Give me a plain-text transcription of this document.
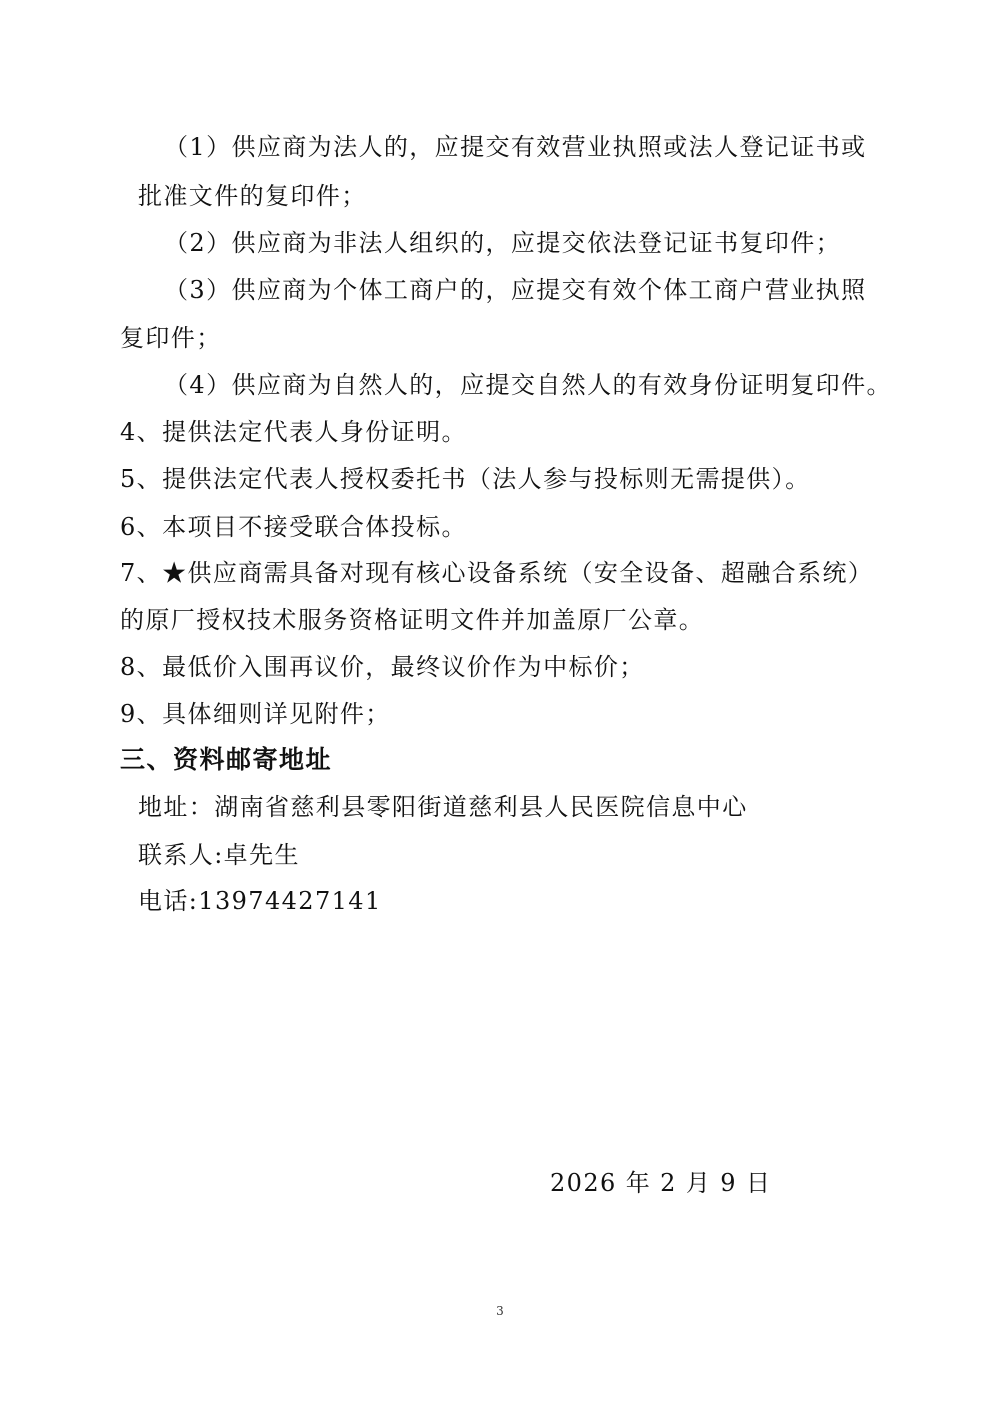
（1）供应商为法人的，应提交有效营业执照或法人登记证书或
批准文件的复印件；
（2）供应商为非法人组织的，应提交依法登记证书复印件；
（3）供应商为个体工商户的，应提交有效个体工商户营业执照
复印件；
（4）供应商为自然人的，应提交自然人的有效身份证明复印件。
4、提供法定代表人身份证明。
5、提供法定代表人授权委托书（法人参与投标则无需提供）。
6、本项目不接受联合体投标。
7、★供应商需具备对现有核心设备系统（安全设备、超融合系统）
的原厂授权技术服务资格证明文件并加盖原厂公章。
8、最低价入围再议价，最终议价作为中标价；
9、具体细则详见附件；
三、资料邮寄地址
地址：湖南省慈利县零阳街道慈利县人民医院信息中心
联系人:卓先生
电话:13974427141
2026 年 2 月 9 日
3
